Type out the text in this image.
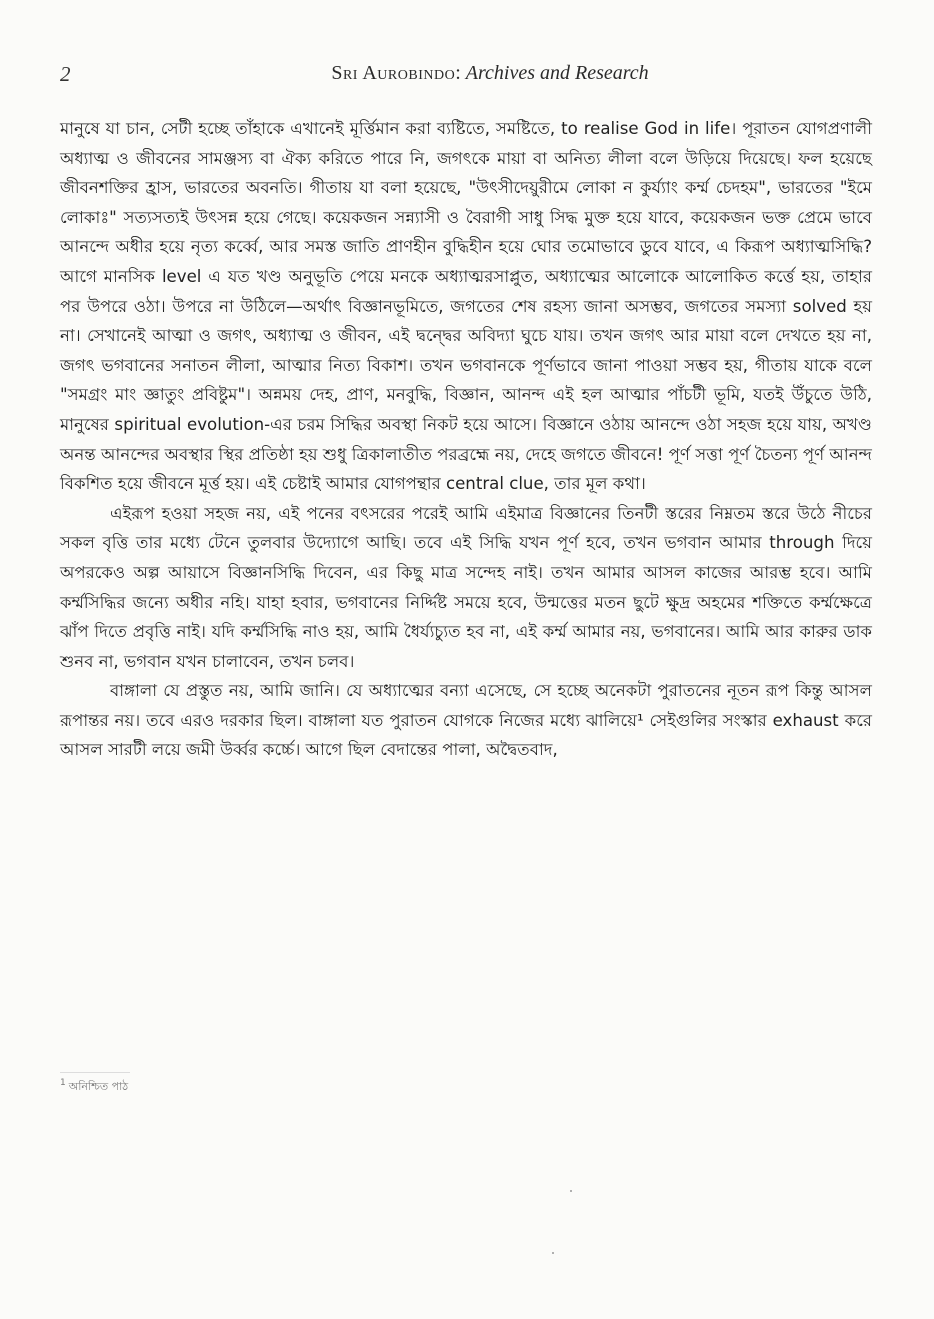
2	Sri Aurobindo: Archives and Research

মানুষে যা চান, সেটী হচ্ছে তাঁহাকে এখানেই মূর্ত্তিমান করা ব্যষ্টিতে, সমষ্টিতে, to realise God in life। পূরাতন যোগপ্রণালী অধ্যাত্ম ও জীবনের সামঞ্জস্য বা ঐক্য করিতে পারে নি, জগৎকে মায়া বা অনিত্য লীলা বলে উড়িয়ে দিয়েছে। ফল হয়েছে জীবনশক্তির হ্রাস, ভারতের অবনতি। গীতায় যা বলা হয়েছে, "উৎসীদেয়ুরীমে লোকা ন কুর্য্যাং কর্ম্ম চেদহম", ভারতের "ইমে লোকাঃ" সত্যসত্যই উৎসন্ন হয়ে গেছে। কয়েকজন সন্ন্যাসী ও বৈরাগী সাধু সিদ্ধ মুক্ত হয়ে যাবে, কয়েকজন ভক্ত প্রেমে ভাবে আনন্দে অধীর হয়ে নৃত্য কর্ব্বে, আর সমস্ত জাতি প্রাণহীন বুদ্ধিহীন হয়ে ঘোর তমোভাবে ডুবে যাবে, এ কিরূপ অধ্যাত্মসিদ্ধি? আগে মানসিক level এ যত খণ্ড অনুভূতি পেয়ে মনকে অধ্যাত্মরসাপ্লুত, অধ্যাত্মের আলোকে আলোকিত কর্ত্তে হয়, তাহার পর উপরে ওঠা। উপরে না উঠিলে—অর্থাৎ বিজ্ঞানভূমিতে, জগতের শেষ রহস্য জানা অসম্ভব, জগতের সমস্যা solved হয় না। সেখানেই আত্মা ও জগৎ, অধ্যাত্ম ও জীবন, এই দ্বন্দ্বের অবিদ্যা ঘুচে যায়। তখন জগৎ আর মায়া বলে দেখতে হয় না, জগৎ ভগবানের সনাতন লীলা, আত্মার নিত্য বিকাশ। তখন ভগবানকে পূর্ণভাবে জানা পাওয়া সম্ভব হয়, গীতায় যাকে বলে "সমগ্রং মাং জ্ঞাতুং প্রবিষ্টুম"। অন্নময় দেহ, প্রাণ, মনবুদ্ধি, বিজ্ঞান, আনন্দ এই হল আত্মার পাঁচটী ভূমি, যতই উঁচুতে উঠি, মানুষের spiritual evolution-এর চরম সিদ্ধির অবস্থা নিকট হয়ে আসে। বিজ্ঞানে ওঠায় আনন্দে ওঠা সহজ হয়ে যায়, অখণ্ড অনন্ত আনন্দের অবস্থার স্থির প্রতিষ্ঠা হয় শুধু ত্রিকালাতীত পরব্রহ্মে নয়, দেহে জগতে জীবনে! পূর্ণ সত্তা পূর্ণ চৈতন্য পূর্ণ আনন্দ বিকশিত হয়ে জীবনে মূর্ত্ত হয়। এই চেষ্টাই আমার যোগপন্থার central clue, তার মূল কথা।

এইরূপ হওয়া সহজ নয়, এই পনের বৎসরের পরেই আমি এইমাত্র বিজ্ঞানের তিনটী স্তরের নিম্নতম স্তরে উঠে নীচের সকল বৃত্তি তার মধ্যে টেনে তুলবার উদ্যোগে আছি। তবে এই সিদ্ধি যখন পূর্ণ হবে, তখন ভগবান আমার through দিয়ে অপরকেও অল্প আয়াসে বিজ্ঞানসিদ্ধি দিবেন, এর কিছু মাত্র সন্দেহ নাই। তখন আমার আসল কাজের আরম্ভ হবে। আমি কর্ম্মসিদ্ধির জন্যে অধীর নহি। যাহা হবার, ভগবানের নির্দ্দিষ্ট সময়ে হবে, উন্মত্তের মতন ছুটে ক্ষুদ্র অহমের শক্তিতে কর্ম্মক্ষেত্রে ঝাঁপ দিতে প্রবৃত্তি নাই। যদি কর্ম্মসিদ্ধি নাও হয়, আমি ধৈর্য্যচ্যুত হব না, এই কর্ম্ম আমার নয়, ভগবানের। আমি আর কারুর ডাক শুনব না, ভগবান যখন চালাবেন, তখন চলব।

বাঙ্গালা যে প্রস্তুত নয়, আমি জানি। যে অধ্যাত্মের বন্যা এসেছে, সে হচ্ছে অনেকটা পুরাতনের নূতন রূপ কিন্তু আসল রূপান্তর নয়। তবে এরও দরকার ছিল। বাঙ্গালা যত পুরাতন যোগকে নিজের মধ্যে ঝালিয়ে¹ সেইগুলির সংস্কার exhaust করে আসল সারটী লয়ে জমী উর্ব্বর কর্চ্চে। আগে ছিল বেদান্তের পালা, অদ্বৈতবাদ,

$^1$ অনিশ্চিত পাঠ
